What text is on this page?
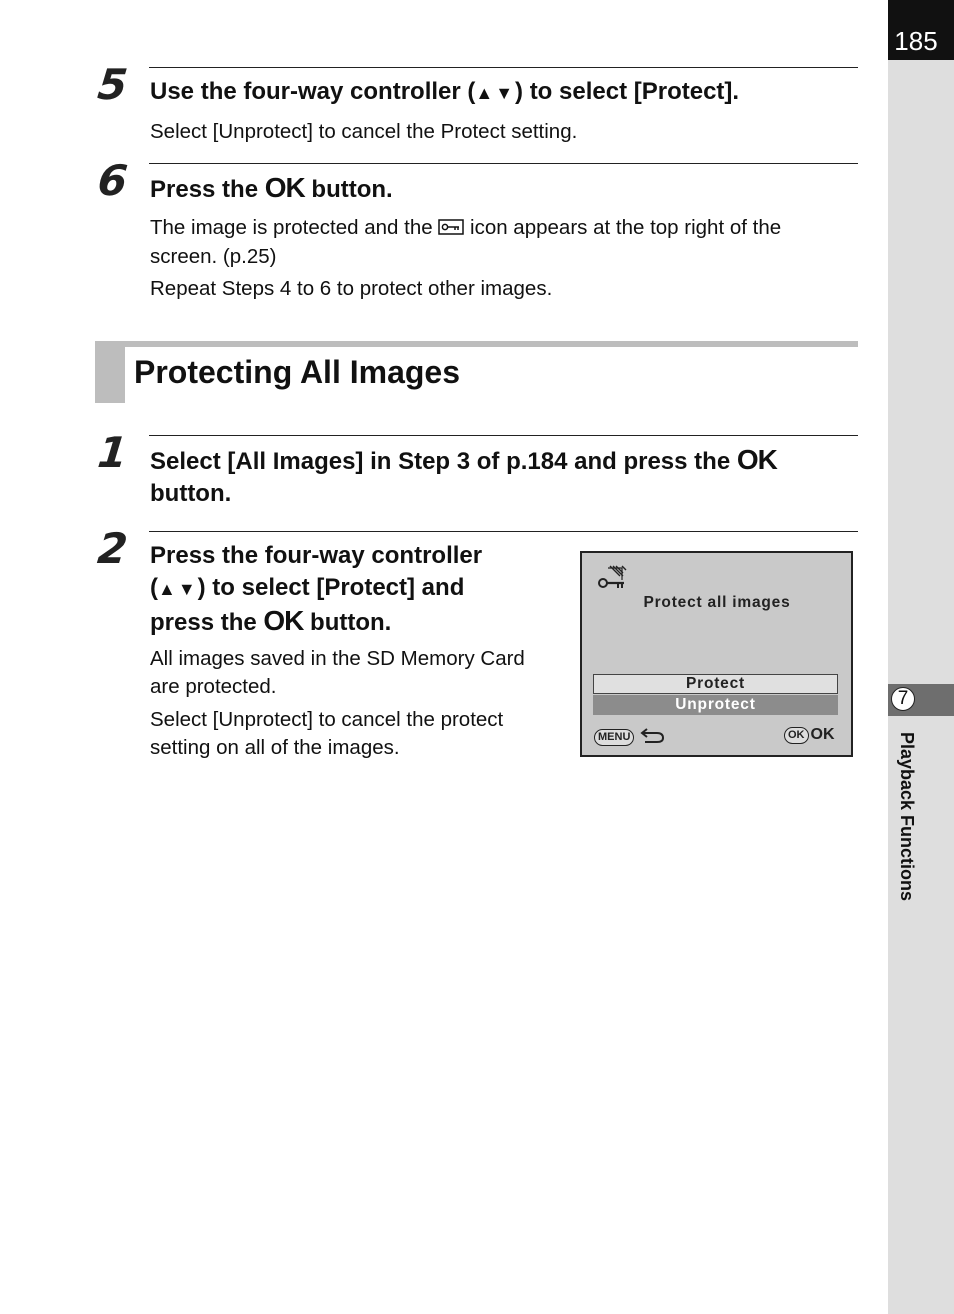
185
7
Playback Functions
5 Use the four-way controller (▲▼) to select [Protect].
Select [Unprotect] to cancel the Protect setting.
6 Press the OK button.
The image is protected and the  icon appears at the top right of the
screen. (p.25)
Repeat Steps 4 to 6 to protect other images.
Protecting All Images
1 Select [All Images] in Step 3 of p.184 and press the OK
button.
2 Press the four-way controller
(▲▼) to select [Protect] and
press the OK button.
All images saved in the SD Memory Card
are protected.
Select [Unprotect] to cancel the protect
setting on all of the images.
Protect all images
Protect
Unprotect
MENU	OK OK
